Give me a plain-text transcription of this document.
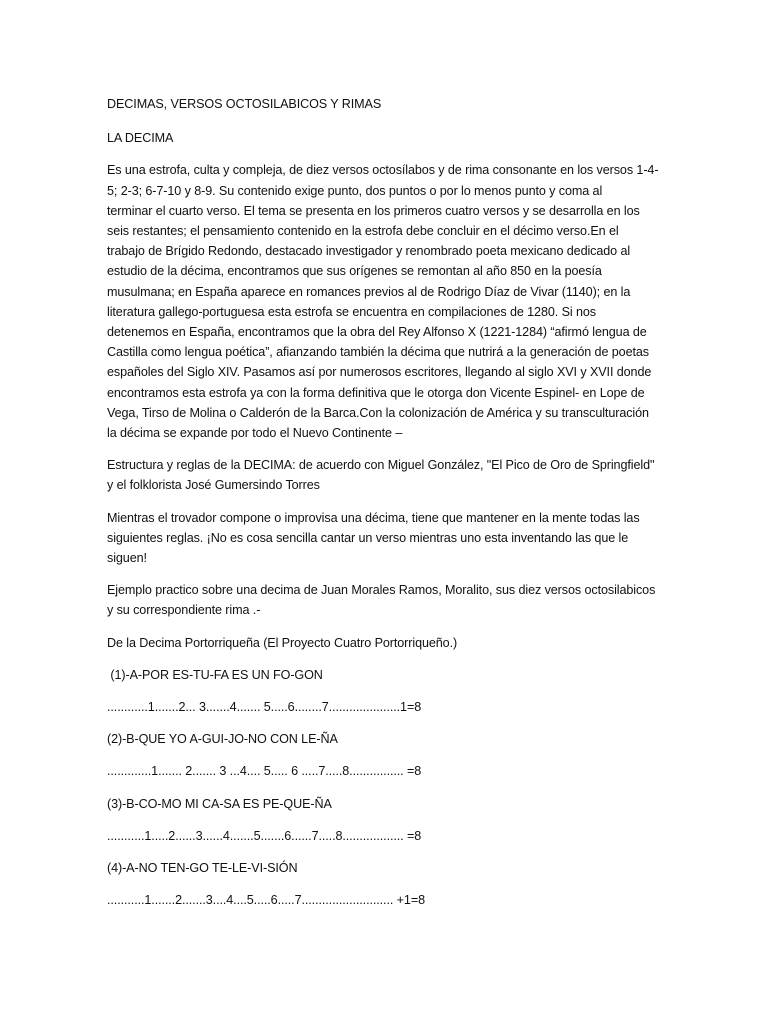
DECIMAS, VERSOS OCTOSILABICOS Y RIMAS

LA DECIMA

Es una estrofa, culta y compleja, de diez versos octosílabos y de rima consonante en los versos 1-4-
5; 2-3; 6-7-10 y 8-9. Su contenido exige punto, dos puntos o por lo menos punto y coma al
terminar el cuarto verso. El tema se presenta en los primeros cuatro versos y se desarrolla en los
seis restantes; el pensamiento contenido en la estrofa debe concluir en el décimo verso.En el
trabajo de Brígido Redondo, destacado investigador y renombrado poeta mexicano dedicado al
estudio de la décima, encontramos que sus orígenes se remontan al año 850 en la poesía
musulmana; en España aparece en romances previos al de Rodrigo Díaz de Vivar (1140); en la
literatura gallego-portuguesa esta estrofa se encuentra en compilaciones de 1280. Si nos
detenemos en España, encontramos que la obra del Rey Alfonso X (1221-1284) “afirmó lengua de
Castilla como lengua poética”, afianzando también la décima que nutrirá a la generación de poetas
españoles del Siglo XIV. Pasamos así por numerosos escritores, llegando al siglo XVI y XVII donde
encontramos esta estrofa ya con la forma definitiva que le otorga don Vicente Espinel- en Lope de
Vega, Tirso de Molina o Calderón de la Barca.Con la colonización de América y su transculturación
la décima se expande por todo el Nuevo Continente –

Estructura y reglas de la DECIMA: de acuerdo con Miguel González, "El Pico de Oro de Springfield"
y el folklorista José Gumersindo Torres

Mientras el trovador compone o improvisa una décima, tiene que mantener en la mente todas las
siguientes reglas. ¡No es cosa sencilla cantar un verso mientras uno esta inventando las que le
siguen!

Ejemplo practico sobre una decima de Juan Morales Ramos, Moralito, sus diez versos octosilabicos
y su correspondiente rima .-

De la Decima Portorriqueña (El Proyecto Cuatro Portorriqueño.)

(1)-A-POR ES-TU-FA ES UN FO-GON

............1.......2... 3.......4....... 5.....6........7.....................1=8

(2)-B-QUE YO A-GUI-JO-NO CON LE-ÑA

.............1....... 2....... 3 ...4.... 5..... 6 .....7.....8................ =8

(3)-B-CO-MO MI CA-SA ES PE-QUE-ÑA

...........1.....2......3......4.......5.......6......7.....8.................. =8

(4)-A-NO TEN-GO TE-LE-VI-SIÓN

...........1.......2.......3....4....5.....6.....7........................... +1=8
